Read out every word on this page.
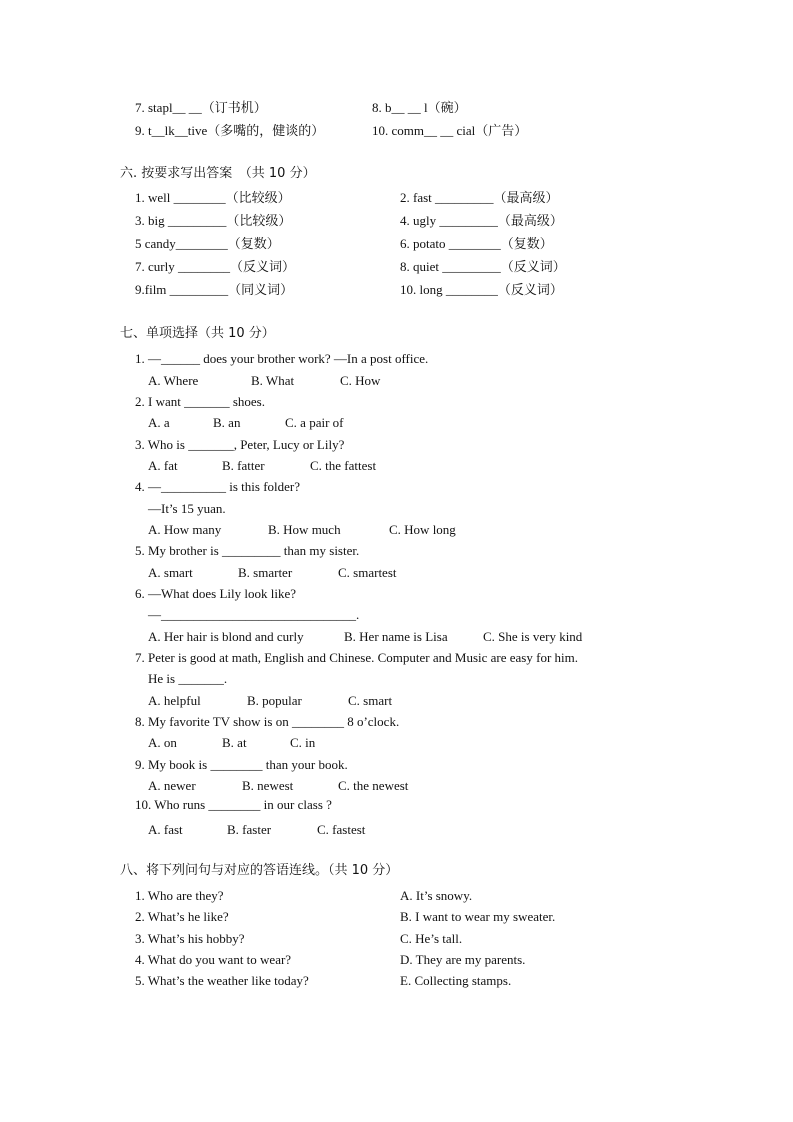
7. stapl__ __（订书机）	8. b__ __ l（碗）
9. t__lk__tive（多嘴的，健谈的）	10. comm__ __ cial（广告）
六. 按要求写出答案　（共 10 分）
1. well ________（比较级）	2. fast _________（最高级）
3. big _________（比较级）	4. ugly _________（最高级）
5 candy________（复数）	6. potato ________（复数）
7. curly ________（反义词）	8. quiet _________（反义词）
9.film _________（同义词）	10. long ________（反义词）
七、单项选择（共 10 分）
1. —______ does your brother work? —In a post office.
A. Where	B. What	C. How
2. I want _______ shoes.
A. a	B. an	C. a pair of
3. Who is _______, Peter, Lucy or Lily?
A. fat	B. fatter	C. the fattest
4. —__________ is this folder?
—It’s 15 yuan.
A. How many	B. How much	C. How long
5. My brother is _________ than my sister.
A. smart	B. smarter	C. smartest
6. —What does Lily look like?
—______________________________.
A. Her hair is blond and curly	B. Her name is Lisa	C. She is very kind
7. Peter is good at math, English and Chinese. Computer and Music are easy for him.
He is _______.
A. helpful	B. popular	C. smart
8. My favorite TV show is on ________ 8 o’clock.
A. on	B. at	C. in
9. My book is ________ than your book.
A. newer	B. newest	C. the newest
10. Who runs ________ in our class ?
A. fast	B. faster	C. fastest
八、将下列问句与对应的答语连线。（共 10 分）
1. Who are they?	A. It’s snowy.
2. What’s he like?	B. I want to wear my sweater.
3. What’s his hobby?	C. He’s tall.
4. What do you want to wear?	D. They are my parents.
5. What’s the weather like today?	E. Collecting stamps.
